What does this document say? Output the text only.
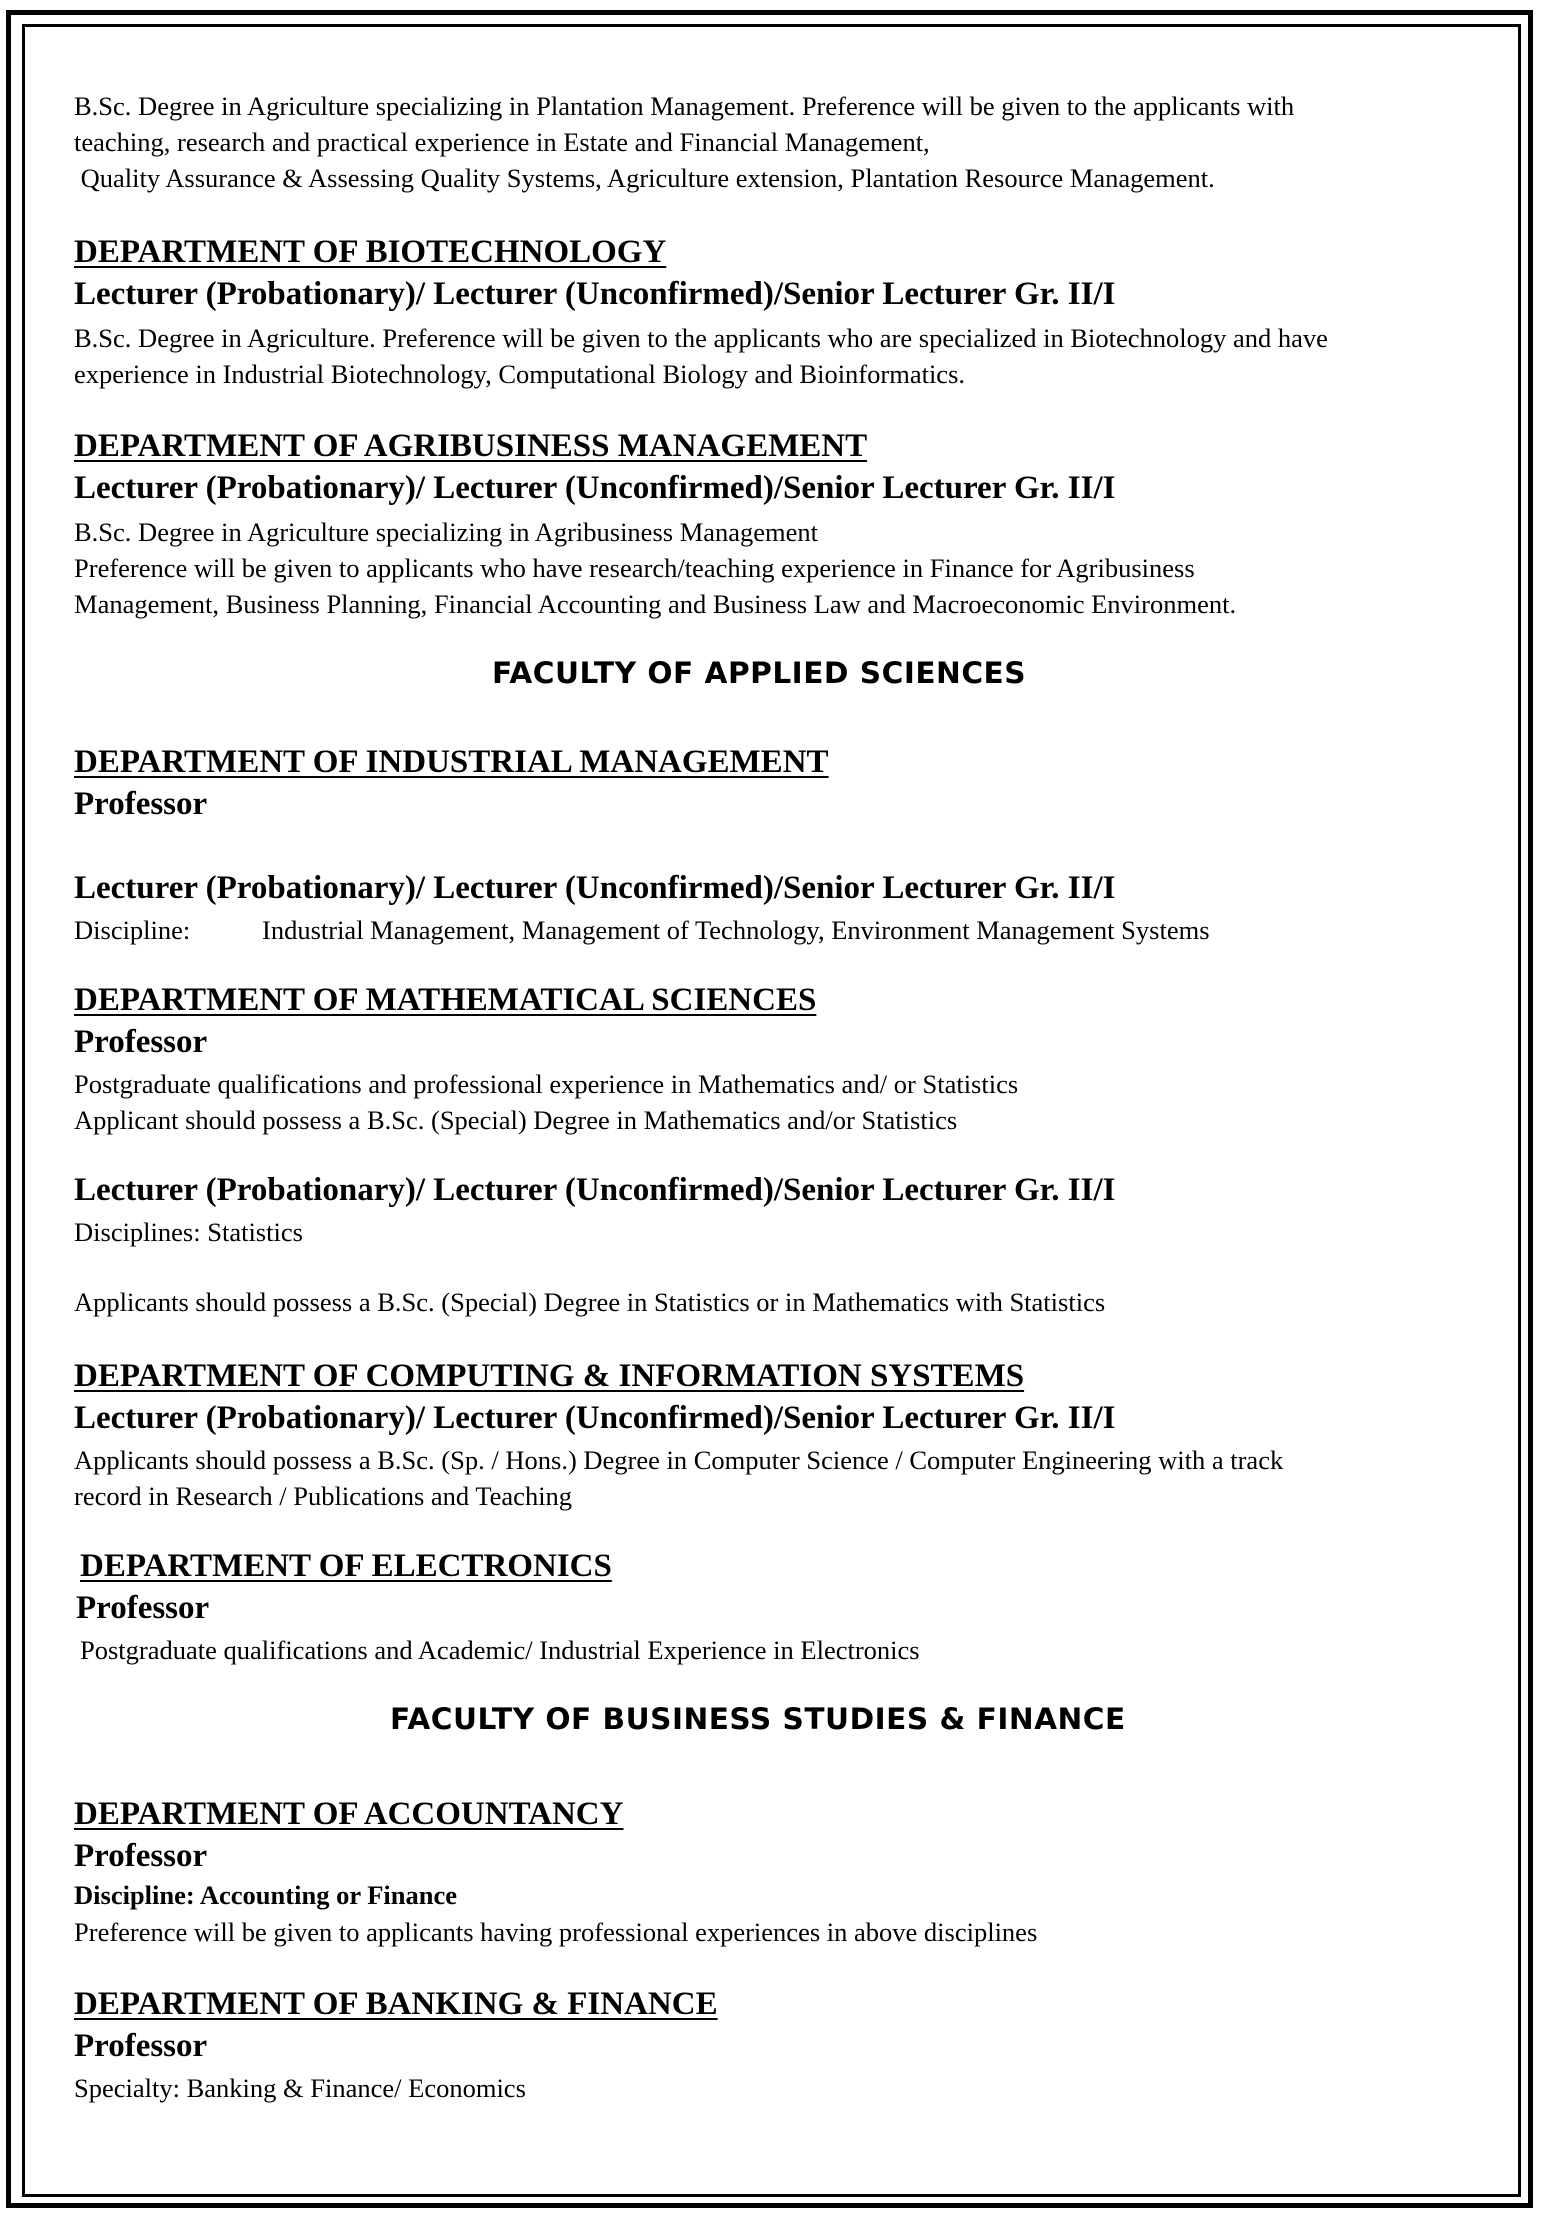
B.Sc. Degree in Agriculture specializing in Plantation Management. Preference will be given to the applicants with
teaching, research and practical experience in Estate and Financial Management,
Quality Assurance & Assessing Quality Systems, Agriculture extension, Plantation Resource Management.
DEPARTMENT OF BIOTECHNOLOGY
Lecturer (Probationary)/ Lecturer (Unconfirmed)/Senior Lecturer Gr. II/I
B.Sc. Degree in Agriculture. Preference will be given to the applicants who are specialized in Biotechnology and have
experience in Industrial Biotechnology, Computational Biology and Bioinformatics.
DEPARTMENT OF AGRIBUSINESS MANAGEMENT
Lecturer (Probationary)/ Lecturer (Unconfirmed)/Senior Lecturer Gr. II/I
B.Sc. Degree in Agriculture specializing in Agribusiness Management
Preference will be given to applicants who have research/teaching experience in Finance for Agribusiness
Management, Business Planning, Financial Accounting and Business Law and Macroeconomic Environment.
FACULTY OF APPLIED SCIENCES
DEPARTMENT OF INDUSTRIAL MANAGEMENT
Professor
Lecturer (Probationary)/ Lecturer (Unconfirmed)/Senior Lecturer Gr. II/I
Discipline:	Industrial Management, Management of Technology, Environment Management Systems
DEPARTMENT OF MATHEMATICAL SCIENCES
Professor
Postgraduate qualifications and professional experience in Mathematics and/ or Statistics
Applicant should possess a B.Sc. (Special) Degree in Mathematics and/or Statistics
Lecturer (Probationary)/ Lecturer (Unconfirmed)/Senior Lecturer Gr. II/I
Disciplines: Statistics
Applicants should possess a B.Sc. (Special) Degree in Statistics or in Mathematics with Statistics
DEPARTMENT OF COMPUTING & INFORMATION SYSTEMS
Lecturer (Probationary)/ Lecturer (Unconfirmed)/Senior Lecturer Gr. II/I
Applicants should possess a B.Sc. (Sp. / Hons.) Degree in Computer Science / Computer Engineering with a track
record in Research / Publications and Teaching
DEPARTMENT OF ELECTRONICS
Professor
Postgraduate qualifications and Academic/ Industrial Experience in Electronics
FACULTY OF BUSINESS STUDIES & FINANCE
DEPARTMENT OF ACCOUNTANCY
Professor
Discipline: Accounting or Finance
Preference will be given to applicants having professional experiences in above disciplines
DEPARTMENT OF BANKING & FINANCE
Professor
Specialty: Banking & Finance/ Economics
